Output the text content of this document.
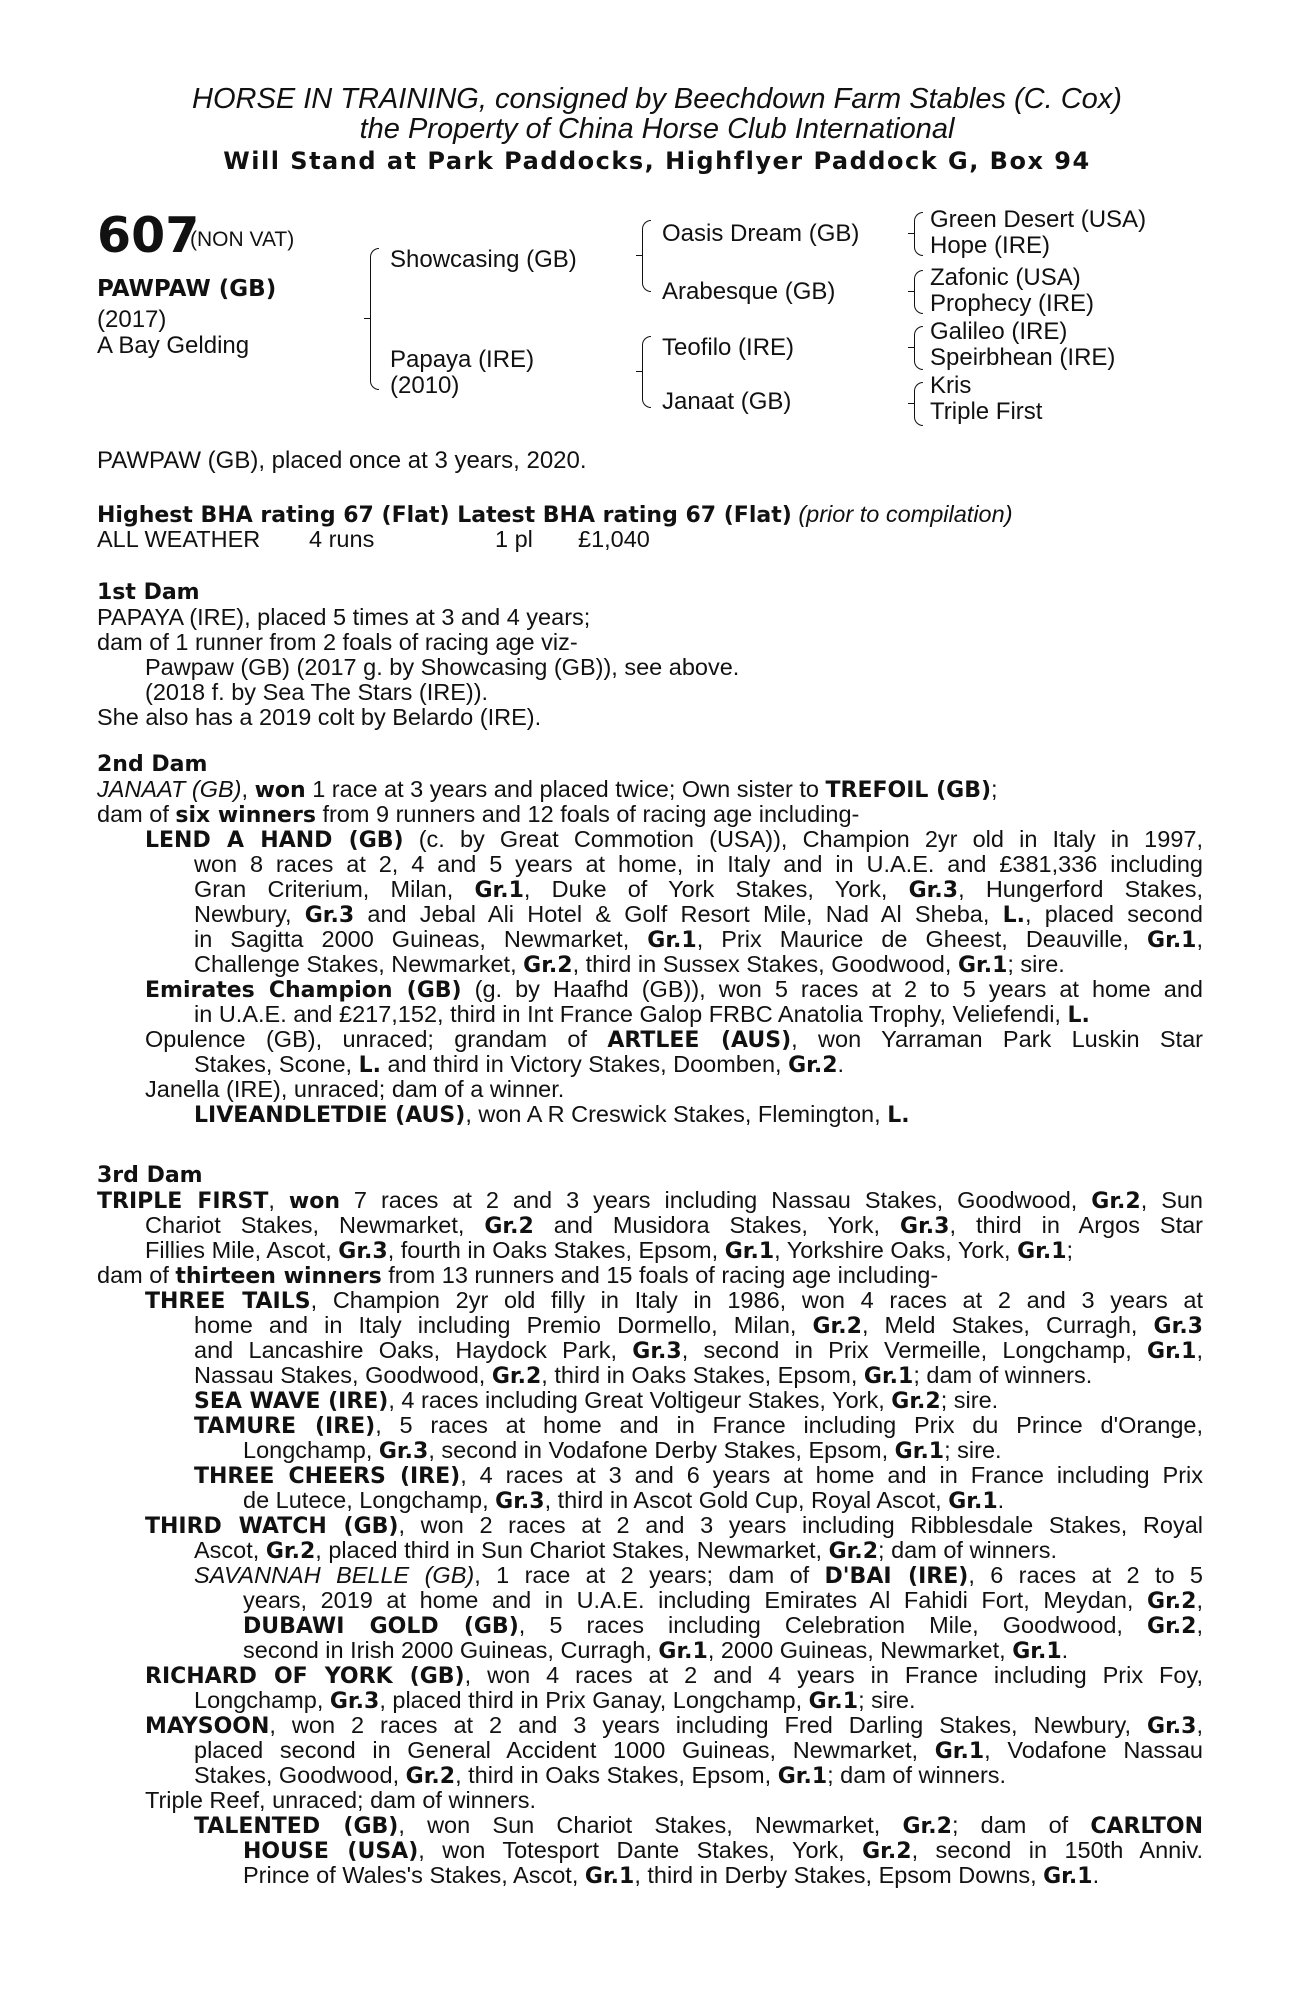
HORSE IN TRAINING, consigned by Beechdown Farm Stables (C. Cox)
the Property of China Horse Club International
Will Stand at Park Paddocks, Highflyer Paddock G, Box 94
607
(NON VAT)
PAWPAW (GB)
(2017)
A Bay Gelding
Showcasing (GB)
Papaya (IRE)
(2010)
Oasis Dream (GB)
Arabesque (GB)
Teofilo (IRE)
Janaat (GB)
Green Desert (USA)
Hope (IRE)
Zafonic (USA)
Prophecy (IRE)
Galileo (IRE)
Speirbhean (IRE)
Kris
Triple First
PAWPAW (GB), placed once at 3 years, 2020.
Highest BHA rating 67 (Flat) Latest BHA rating 67 (Flat) (prior to compilation)
ALL WEATHER 4 runs	1 pl £1,040
1st Dam
PAPAYA (IRE), placed 5 times at 3 and 4 years;
dam of 1 runner from 2 foals of racing age viz-
Pawpaw (GB) (2017 g. by Showcasing (GB)), see above.
(2018 f. by Sea The Stars (IRE)).
She also has a 2019 colt by Belardo (IRE).
2nd Dam
JANAAT (GB), won 1 race at 3 years and placed twice; Own sister to TREFOIL (GB);
dam of six winners from 9 runners and 12 foals of racing age including-
LEND A HAND (GB) (c. by Great Commotion (USA)), Champion 2yr old in Italy in 1997,
won 8 races at 2, 4 and 5 years at home, in Italy and in U.A.E. and £381,336 including
Gran Criterium, Milan, Gr.1, Duke of York Stakes, York, Gr.3, Hungerford Stakes,
Newbury, Gr.3 and Jebal Ali Hotel & Golf Resort Mile, Nad Al Sheba, L., placed second
in Sagitta 2000 Guineas, Newmarket, Gr.1, Prix Maurice de Gheest, Deauville, Gr.1,
Challenge Stakes, Newmarket, Gr.2, third in Sussex Stakes, Goodwood, Gr.1; sire.
Emirates Champion (GB) (g. by Haafhd (GB)), won 5 races at 2 to 5 years at home and
in U.A.E. and £217,152, third in Int France Galop FRBC Anatolia Trophy, Veliefendi, L.
Opulence (GB), unraced; grandam of ARTLEE (AUS), won Yarraman Park Luskin Star
Stakes, Scone, L. and third in Victory Stakes, Doomben, Gr.2.
Janella (IRE), unraced; dam of a winner.
LIVEANDLETDIE (AUS), won A R Creswick Stakes, Flemington, L.
3rd Dam
TRIPLE FIRST, won 7 races at 2 and 3 years including Nassau Stakes, Goodwood, Gr.2, Sun
Chariot Stakes, Newmarket, Gr.2 and Musidora Stakes, York, Gr.3, third in Argos Star
Fillies Mile, Ascot, Gr.3, fourth in Oaks Stakes, Epsom, Gr.1, Yorkshire Oaks, York, Gr.1;
dam of thirteen winners from 13 runners and 15 foals of racing age including-
THREE TAILS, Champion 2yr old filly in Italy in 1986, won 4 races at 2 and 3 years at
home and in Italy including Premio Dormello, Milan, Gr.2, Meld Stakes, Curragh, Gr.3
and Lancashire Oaks, Haydock Park, Gr.3, second in Prix Vermeille, Longchamp, Gr.1,
Nassau Stakes, Goodwood, Gr.2, third in Oaks Stakes, Epsom, Gr.1; dam of winners.
SEA WAVE (IRE), 4 races including Great Voltigeur Stakes, York, Gr.2; sire.
TAMURE (IRE), 5 races at home and in France including Prix du Prince d'Orange,
Longchamp, Gr.3, second in Vodafone Derby Stakes, Epsom, Gr.1; sire.
THREE CHEERS (IRE), 4 races at 3 and 6 years at home and in France including Prix
de Lutece, Longchamp, Gr.3, third in Ascot Gold Cup, Royal Ascot, Gr.1.
THIRD WATCH (GB), won 2 races at 2 and 3 years including Ribblesdale Stakes, Royal
Ascot, Gr.2, placed third in Sun Chariot Stakes, Newmarket, Gr.2; dam of winners.
SAVANNAH BELLE (GB), 1 race at 2 years; dam of D'BAI (IRE), 6 races at 2 to 5
years, 2019 at home and in U.A.E. including Emirates Al Fahidi Fort, Meydan, Gr.2,
DUBAWI GOLD (GB), 5 races including Celebration Mile, Goodwood, Gr.2,
second in Irish 2000 Guineas, Curragh, Gr.1, 2000 Guineas, Newmarket, Gr.1.
RICHARD OF YORK (GB), won 4 races at 2 and 4 years in France including Prix Foy,
Longchamp, Gr.3, placed third in Prix Ganay, Longchamp, Gr.1; sire.
MAYSOON, won 2 races at 2 and 3 years including Fred Darling Stakes, Newbury, Gr.3,
placed second in General Accident 1000 Guineas, Newmarket, Gr.1, Vodafone Nassau
Stakes, Goodwood, Gr.2, third in Oaks Stakes, Epsom, Gr.1; dam of winners.
Triple Reef, unraced; dam of winners.
TALENTED (GB), won Sun Chariot Stakes, Newmarket, Gr.2; dam of CARLTON
HOUSE (USA), won Totesport Dante Stakes, York, Gr.2, second in 150th Anniv.
Prince of Wales's Stakes, Ascot, Gr.1, third in Derby Stakes, Epsom Downs, Gr.1.
